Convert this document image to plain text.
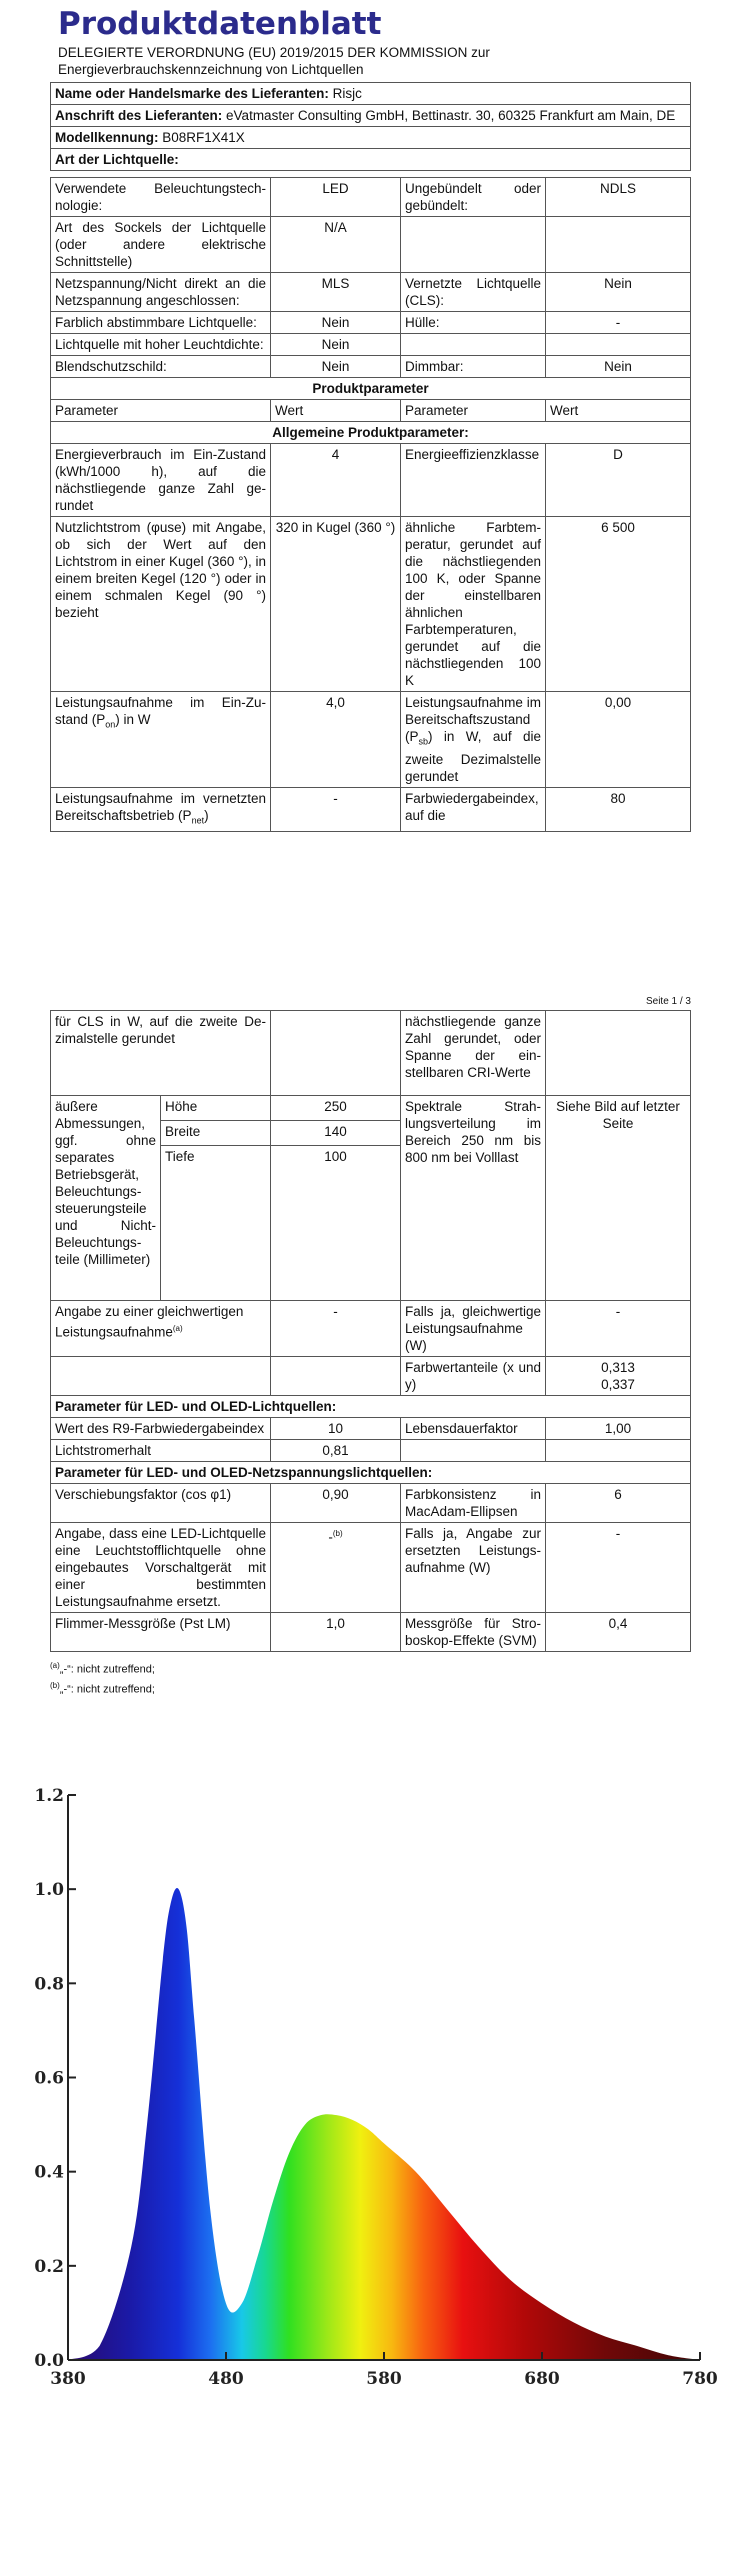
Produktdatenblatt
DELEGIERTE VERORDNUNG (EU) 2019/2015 DER KOMMISSION zur Energieverbrauchskennzeichnung von Lichtquellen
Name oder Handelsmarke des Lieferanten: Risjc
Anschrift des Lieferanten: eVatmaster Consulting GmbH, Bettinastr. 30, 60325 Frankfurt am Main, DE
Modellkennung: B08RF1X41X
Art der Lichtquelle:
Verwendete Beleuchtungstechnologie:	LED	Ungebündelt oder gebündelt:	NDLS
Art des Sockels der Lichtquelle (oder andere elektrische Schnittstelle)	N/A		
Netzspannung/Nicht direkt an die Netzspannung angeschlossen:	MLS	Vernetzte Lichtquelle (CLS):	Nein
Farblich abstimmbare Lichtquelle:	Nein	Hülle:	-
Lichtquelle mit hoher Leuchtdichte:	Nein		
Blendschutzschild:	Nein	Dimmbar:	Nein
Produktparameter			
Parameter	Wert	Parameter	Wert
Allgemeine Produktparameter:			
Energieverbrauch im Ein-Zustand (kWh/1000 h), auf die nächstliegende ganze Zahl gerundet	4	Energieeffizienzklasse	D
Nutzlichtstrom (φuse) mit Angabe, ob sich der Wert auf den Lichtstrom in einer Kugel (360 °), in einem breiten Kegel (120 °) oder in einem schmalen Kegel (90 °) bezieht	320 in Kugel (360 °)	ähnliche Farbtemperatur, gerundet auf die nächstliegenden 100 K, oder Spanne der einstellbaren ähnlichen Farbtemperaturen, gerundet auf die nächstliegenden 100 K	6 500
Leistungsaufnahme im Ein-Zustand $(P_{on})$ in W	4,0	Leistungsaufnahme im Bereitschaftszustand $(P_{sb})$ in W, auf die zweite Dezimalstelle gerundet	0,00
Leistungsaufnahme im vernetzten Bereitschaftsbetrieb $(P_{net})$	-	Farbwiedergabeindex, auf die	80
Seite 1 / 3
für CLS in W, auf die zweite Dezimalstelle gerundet			nächstliegende ganze Zahl gerundet, oder Spanne der einstellbaren CRI-Werte	
äußere Abmessungen, ggf. ohne separates Betriebsgerät, Beleuchtungssteuerungsteile und Nicht-Beleuchtungsteile (Millimeter)	Höhe	250	Spektrale Strahlungsverteilung im Bereich 250 nm bis 800 nm bei Volllast	Siehe Bild auf letzter Seite
	Breite	140		
	Tiefe	100		
Angabe zu einer gleichwertigen Leistungsaufnahme$^{(a)}$		-	Falls ja, gleichwertige Leistungsaufnahme (W)	-
			Farbwertanteile (x und y)	0,313
0,337

Parameter für LED- und OLED-Lichtquellen:				
Wert des R9-Farbwiedergabeindex		10	Lebensdauerfaktor	1,00
Lichtstromerhalt		0,81		
Parameter für LED- und OLED-Netzspannungslichtquellen:				
Verschiebungsfaktor (cos φ1)		0,90	Farbkonsistenz in MacAdam-Ellipsen	6
Angabe, dass eine LED-Lichtquelle eine Leuchtstofflichtquelle ohne eingebautes Vorschaltgerät mit einer bestimmten Leistungsaufnahme ersetzt.		-$^{(b)}$	Falls ja, Angabe zur ersetzten Leistungsaufnahme (W)	-
Flimmer-Messgröße (Pst LM)		1,0	Messgröße für Stroboskop-Effekte (SVM)	0,4
$^{(a)}$„-“: nicht zutreffend;
$^{(b)}$„-“: nicht zutreffend;
0.0
0.2
0.4
0.6
0.8
1.0
1.2
380	480	580	680	780
